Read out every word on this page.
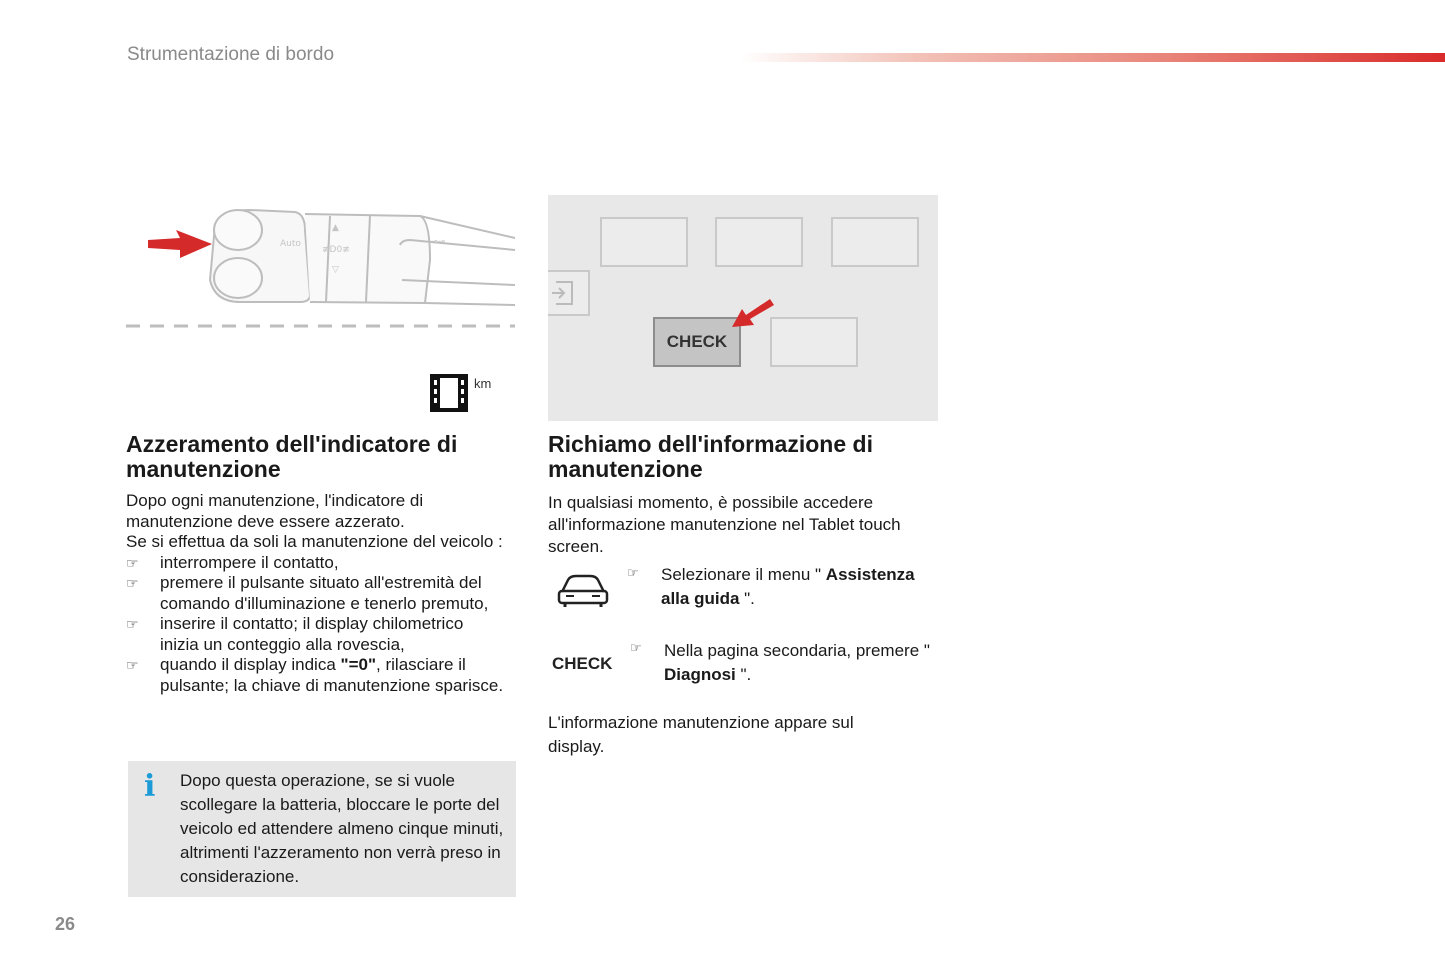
Strumentazione di bordo
Auto
≢D0≢
▲
▽
⊸⊸
km
CHECK
Azzeramento dell'indicatore di manutenzione
Dopo ogni manutenzione, l'indicatore di manutenzione deve essere azzerato.
Se si effettua da soli la manutenzione del veicolo :
☞ interrompere il contatto,
☞ premere il pulsante situato all'estremità del comando d'illuminazione e tenerlo premuto,
☞ inserire il contatto; il display chilometrico inizia un conteggio alla rovescia,
☞ quando il display indica "=0", rilasciare il pulsante; la chiave di manutenzione sparisce.
i Dopo questa operazione, se si vuole scollegare la batteria, bloccare le porte del veicolo ed attendere almeno cinque minuti, altrimenti l'azzeramento non verrà preso in considerazione.
Richiamo dell'informazione di manutenzione
In qualsiasi momento, è possibile accedere all'informazione manutenzione nel Tablet touch screen.
☞ Selezionare il menu " Assistenza alla guida ".
CHECK
☞ Nella pagina secondaria, premere " Diagnosi ".
L'informazione manutenzione appare sul display.
26
